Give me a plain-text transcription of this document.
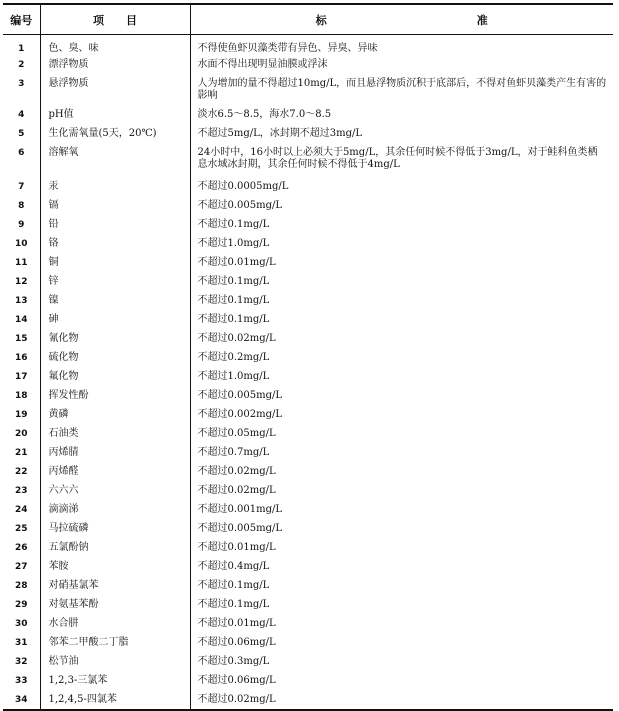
编号	项　　目	标 准
1	色、臭、味	不得使鱼虾贝藻类带有异色、异臭、异味
2	漂浮物质	水面不得出现明显油膜或浮沫
3	悬浮物质	人为增加的量不得超过10mg/L，而且悬浮物质沉积于底部后，不得对鱼虾贝藻类产生有害的影响
4	pH值	淡水6.5～8.5，海水7.0～8.5
5	生化需氧量(5天，20℃)	不超过5mg/L，冰封期不超过3mg/L
6	溶解氧	24小时中，16小时以上必须大于5mg/L，其余任何时候不得低于3mg/L，对于鲑科鱼类栖息水域冰封期，其余任何时候不得低于4mg/L
7	汞	不超过0.0005mg/L
8	镉	不超过0.005mg/L
9	铅	不超过0.1mg/L
10	铬	不超过1.0mg/L
11	铜	不超过0.01mg/L
12	锌	不超过0.1mg/L
13	镍	不超过0.1mg/L
14	砷	不超过0.1mg/L
15	氰化物	不超过0.02mg/L
16	硫化物	不超过0.2mg/L
17	氟化物	不超过1.0mg/L
18	挥发性酚	不超过0.005mg/L
19	黄磷	不超过0.002mg/L
20	石油类	不超过0.05mg/L
21	丙烯腈	不超过0.7mg/L
22	丙烯醛	不超过0.02mg/L
23	六六六	不超过0.02mg/L
24	滴滴涕	不超过0.001mg/L
25	马拉硫磷	不超过0.005mg/L
26	五氯酚钠	不超过0.01mg/L
27	苯胺	不超过0.4mg/L
28	对硝基氯苯	不超过0.1mg/L
29	对氨基苯酚	不超过0.1mg/L
30	水合肼	不超过0.01mg/L
31	邻苯二甲酸二丁脂	不超过0.06mg/L
32	松节油	不超过0.3mg/L
33	1,2,3-三氯苯	不超过0.06mg/L
34	1,2,4,5-四氯苯	不超过0.02mg/L
